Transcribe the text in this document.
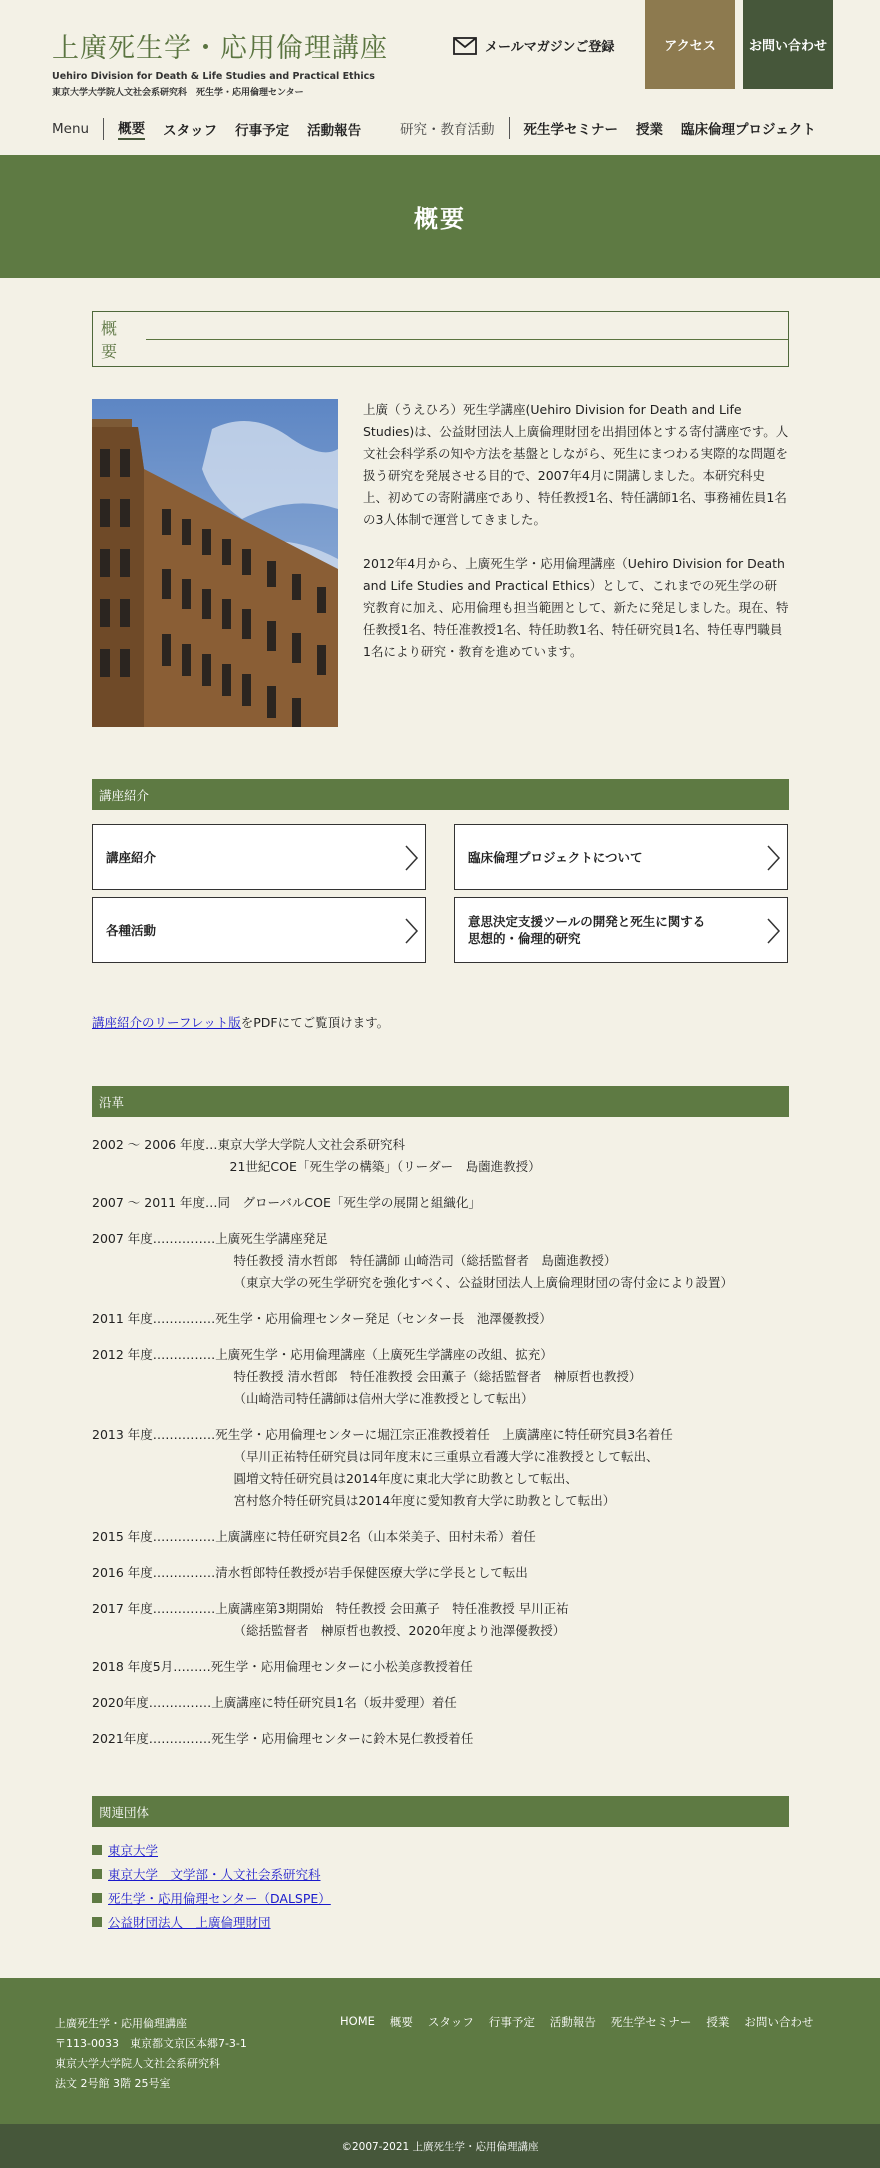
上廣死生学・応用倫理講座
Uehiro Division for Death & Life Studies and Practical Ethics
東京大学大学院人文社会系研究科　死生学・応用倫理センター
メールマガジンご登録	アクセス	お問い合わせ
Menu 概要 スタッフ 行事予定 活動報告	研究・教育活動 死生学セミナー 授業 臨床倫理プロジェクト
概要
概要

上廣（うえひろ）死生学講座(Uehiro Division for Death and Life Studies)は、公益財団法人上廣倫理財団を出捐団体とする寄付講座です。人文社会科学系の知や方法を基盤としながら、死生にまつわる実際的な問題を扱う研究を発展させる目的で、2007年4月に開講しました。本研究科史上、初めての寄附講座であり、特任教授1名、特任講師1名、事務補佐員1名の3人体制で運営してきました。

2012年4月から、上廣死生学・応用倫理講座（Uehiro Division for Death and Life Studies and Practical Ethics）として、これまでの死生学の研究教育に加え、応用倫理も担当範囲として、新たに発足しました。現在、特任教授1名、特任准教授1名、特任助教1名、特任研究員1名、特任専門職員1名により研究・教育を進めています。

講座紹介
講座紹介	臨床倫理プロジェクトについて
各種活動
意思決定支援ツールの開発と死生に関する
思想的・倫理的研究
講座紹介のリーフレット版をPDFにてご覧頂けます。
沿革
2002 ～ 2006 年度…東京大学大学院人文社会系研究科
　　　　　　　　　　　21世紀COE「死生学の構築」（リーダー　島薗進教授）
2007 ～ 2011 年度…同　グローバルCOE「死生学の展開と組織化」
2007 年度……………上廣死生学講座発足
　　　　　　　　　　　 特任教授 清水哲郎　特任講師 山崎浩司（総括監督者　島薗進教授）
　　　　　　　　　　　 （東京大学の死生学研究を強化すべく、公益財団法人上廣倫理財団の寄付金により設置）
2011 年度……………死生学・応用倫理センター発足（センター長　池澤優教授）
2012 年度……………上廣死生学・応用倫理講座（上廣死生学講座の改組、拡充）
　　　　　　　　　　　 特任教授 清水哲郎　特任准教授 会田薫子（総括監督者　榊原哲也教授）
　　　　　　　　　　　 （山崎浩司特任講師は信州大学に准教授として転出）
2013 年度……………死生学・応用倫理センターに堀江宗正准教授着任　上廣講座に特任研究員3名着任
　　　　　　　　　　　 （早川正祐特任研究員は同年度末に三重県立看護大学に准教授として転出、
　　　　　　　　　　　 圓増文特任研究員は2014年度に東北大学に助教として転出、
　　　　　　　　　　　 宮村悠介特任研究員は2014年度に愛知教育大学に助教として転出）
2015 年度……………上廣講座に特任研究員2名（山本栄美子、田村未希）着任
2016 年度……………清水哲郎特任教授が岩手保健医療大学に学長として転出
2017 年度……………上廣講座第3期開始　特任教授 会田薫子　特任准教授 早川正祐
　　　　　　　　　　　 （総括監督者　榊原哲也教授、2020年度より池澤優教授）
2018 年度5月………死生学・応用倫理センターに小松美彦教授着任
2020年度……………上廣講座に特任研究員1名（坂井愛理）着任
2021年度……………死生学・応用倫理センターに鈴木晃仁教授着任
関連団体
東京大学
東京大学　文学部・人文社会系研究科
死生学・応用倫理センター（DALSPE）
公益財団法人　上廣倫理財団
上廣死生学・応用倫理講座
〒113-0033　東京都文京区本郷7-3-1
東京大学大学院人文社会系研究科
法文 2号館 3階 25号室
HOME 概要 スタッフ 行事予定 活動報告 死生学セミナー 授業 お問い合わせ
©2007-2021 上廣死生学・応用倫理講座
